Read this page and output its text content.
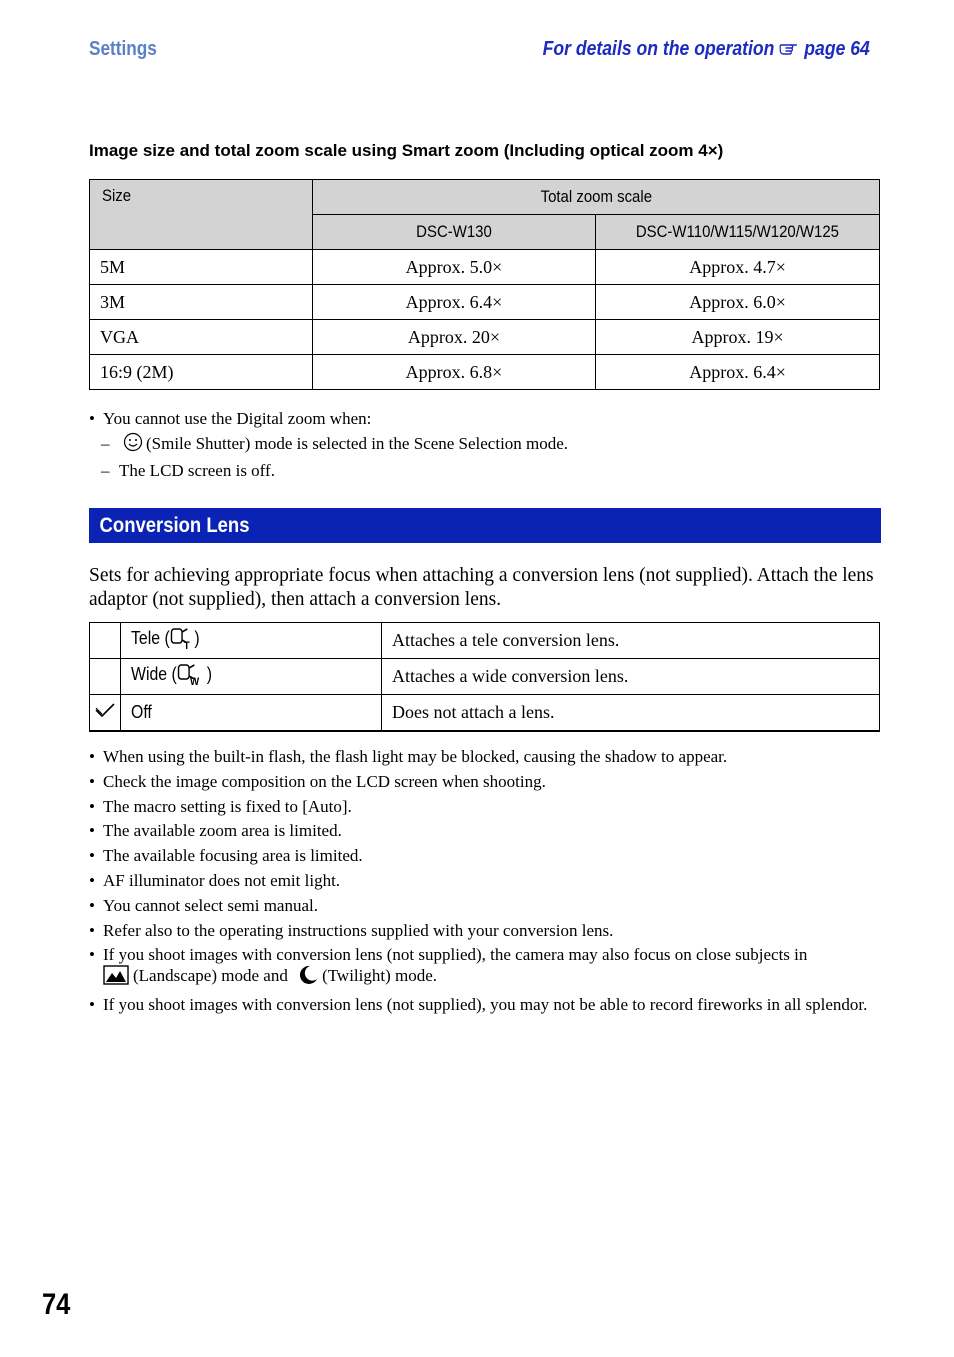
Settings	For details on the operation page 64
Image size and total zoom scale using Smart zoom (Including optical zoom 4×)
Size	Total zoom scale	
	DSC-W130	DSC-W110/W115/W120/W125
5M	Approx. 5.0×	Approx. 4.7×
3M	Approx. 6.4×	Approx. 6.0×
VGA	Approx. 20×	Approx. 19×
16:9 (2M)	Approx. 6.8×	Approx. 6.4×
• You cannot use the Digital zoom when:
– (Smile Shutter) mode is selected in the Scene Selection mode.
– The LCD screen is off.
Conversion Lens
Sets for achieving appropriate focus when attaching a conversion lens (not supplied). Attach the lens adaptor (not supplied), then attach a conversion lens.
	Tele ( T )	Attaches a tele conversion lens.
	Wide ( W )	Attaches a wide conversion lens.
	Off	Does not attach a lens.
• When using the built-in flash, the flash light may be blocked, causing the shadow to appear.
• Check the image composition on the LCD screen when shooting.
• The macro setting is fixed to [Auto].
• The available zoom area is limited.
• The available focusing area is limited.
• AF illuminator does not emit light.
• You cannot select semi manual.
• Refer also to the operating instructions supplied with your conversion lens.
• If you shoot images with conversion lens (not supplied), the camera may also focus on close subjects in
(Landscape) mode and (Twilight) mode.
• If you shoot images with conversion lens (not supplied), you may not be able to record fireworks in all splendor.
74
